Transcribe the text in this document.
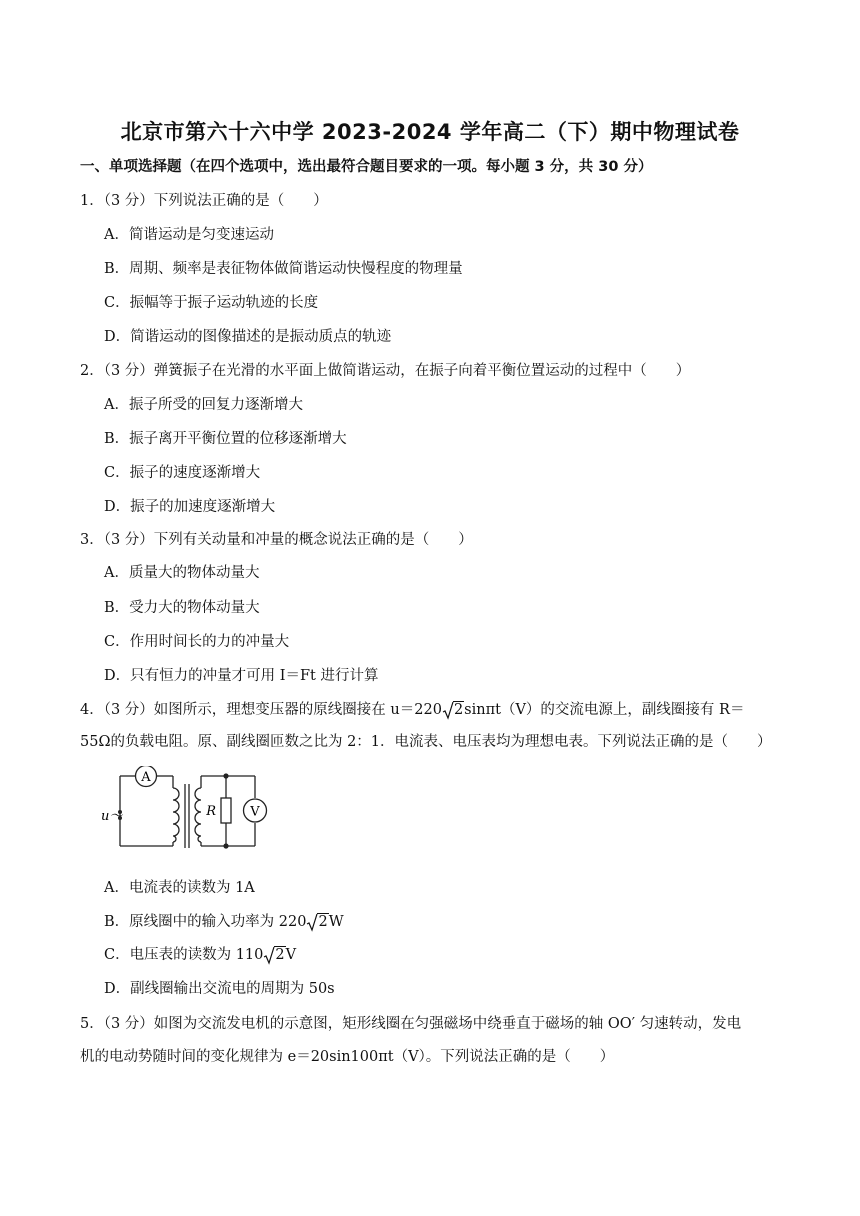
北京市第六十六中学 2023-2024 学年高二（下）期中物理试卷
一、单项选择题（在四个选项中，选出最符合题目要求的一项。每小题 3 分，共 30 分）
1．（3 分）下列说法正确的是（　　）
A．简谐运动是匀变速运动
B．周期、频率是表征物体做简谐运动快慢程度的物理量
C．振幅等于振子运动轨迹的长度
D．简谐运动的图像描述的是振动质点的轨迹
2．（3 分）弹簧振子在光滑的水平面上做简谐运动，在振子向着平衡位置运动的过程中（　　）
A．振子所受的回复力逐渐增大
B．振子离开平衡位置的位移逐渐增大
C．振子的速度逐渐增大
D．振子的加速度逐渐增大
3．（3 分）下列有关动量和冲量的概念说法正确的是（　　）
A．质量大的物体动量大
B．受力大的物体动量大
C．作用时间长的力的冲量大
D．只有恒力的冲量才可用 I＝Ft 进行计算
4．（3 分）如图所示，理想变压器的原线圈接在 u＝220 2sinπt（V）的交流电源上，副线圈接有 R＝
55Ω的负载电阻。原、副线圈匝数之比为 2：1．电流表、电压表均为理想电表。下列说法正确的是（　　）
A
V
R
u～
A．电流表的读数为 1A
B．原线圈中的输入功率为 220 2W
C．电压表的读数为 110 2V
D．副线圈输出交流电的周期为 50s
5．（3 分）如图为交流发电机的示意图，矩形线圈在匀强磁场中绕垂直于磁场的轴 OO′ 匀速转动，发电
机的电动势随时间的变化规律为 e＝20sin100πt（V）。下列说法正确的是（　　）
